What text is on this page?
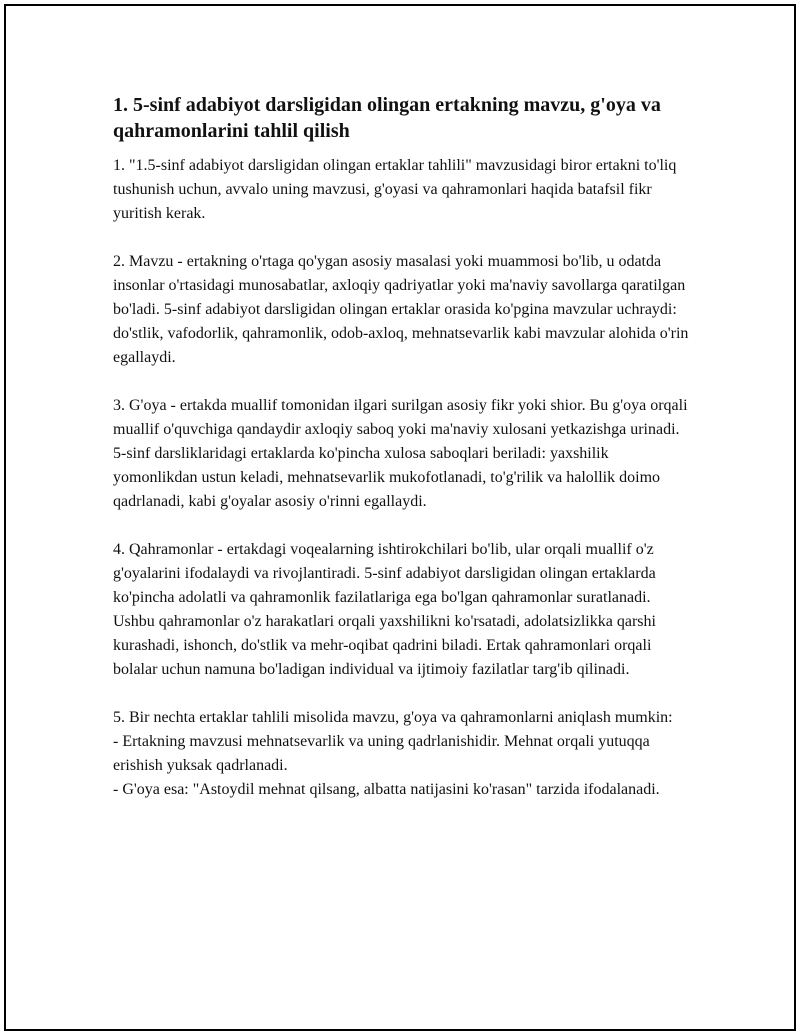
1. 5-sinf adabiyot darsligidan olingan ertakning mavzu, g'oya va qahramonlarini tahlil qilish

1. "1.5-sinf adabiyot darsligidan olingan ertaklar tahlili" mavzusidagi biror ertakni to'liq tushunish uchun, avvalo uning mavzusi, g'oyasi va qahramonlari haqida batafsil fikr yuritish kerak.

2. Mavzu - ertakning o'rtaga qo'ygan asosiy masalasi yoki muammosi bo'lib, u odatda insonlar o'rtasidagi munosabatlar, axloqiy qadriyatlar yoki ma'naviy savollarga qaratilgan bo'ladi. 5-sinf adabiyot darsligidan olingan ertaklar orasida ko'pgina mavzular uchraydi: do'stlik, vafodorlik, qahramonlik, odob-axloq, mehnatsevarlik kabi mavzular alohida o'rin egallaydi.

3. G'oya - ertakda muallif tomonidan ilgari surilgan asosiy fikr yoki shior. Bu g'oya orqali muallif o'quvchiga qandaydir axloqiy saboq yoki ma'naviy xulosani yetkazishga urinadi. 5-sinf darsliklaridagi ertaklarda ko'pincha xulosa saboqlari beriladi: yaxshilik yomonlikdan ustun keladi, mehnatsevarlik mukofotlanadi, to'g'rilik va halollik doimo qadrlanadi, kabi g'oyalar asosiy o'rinni egallaydi.

4. Qahramonlar - ertakdagi voqealarning ishtirokchilari bo'lib, ular orqali muallif o'z g'oyalarini ifodalaydi va rivojlantiradi. 5-sinf adabiyot darsligidan olingan ertaklarda ko'pincha adolatli va qahramonlik fazilatlariga ega bo'lgan qahramonlar suratlanadi. Ushbu qahramonlar o'z harakatlari orqali yaxshilikni ko'rsatadi, adolatsizlikka qarshi kurashadi, ishonch, do'stlik va mehr-oqibat qadrini biladi. Ertak qahramonlari orqali bolalar uchun namuna bo'ladigan individual va ijtimoiy fazilatlar targ'ib qilinadi.

5. Bir nechta ertaklar tahlili misolida mavzu, g'oya va qahramonlarni aniqlash mumkin:
- Ertakning mavzusi mehnatsevarlik va uning qadrlanishidir. Mehnat orqali yutuqqa erishish yuksak qadrlanadi.
- G'oya esa: "Astoydil mehnat qilsang, albatta natijasini ko'rasan" tarzida ifodalanadi.
